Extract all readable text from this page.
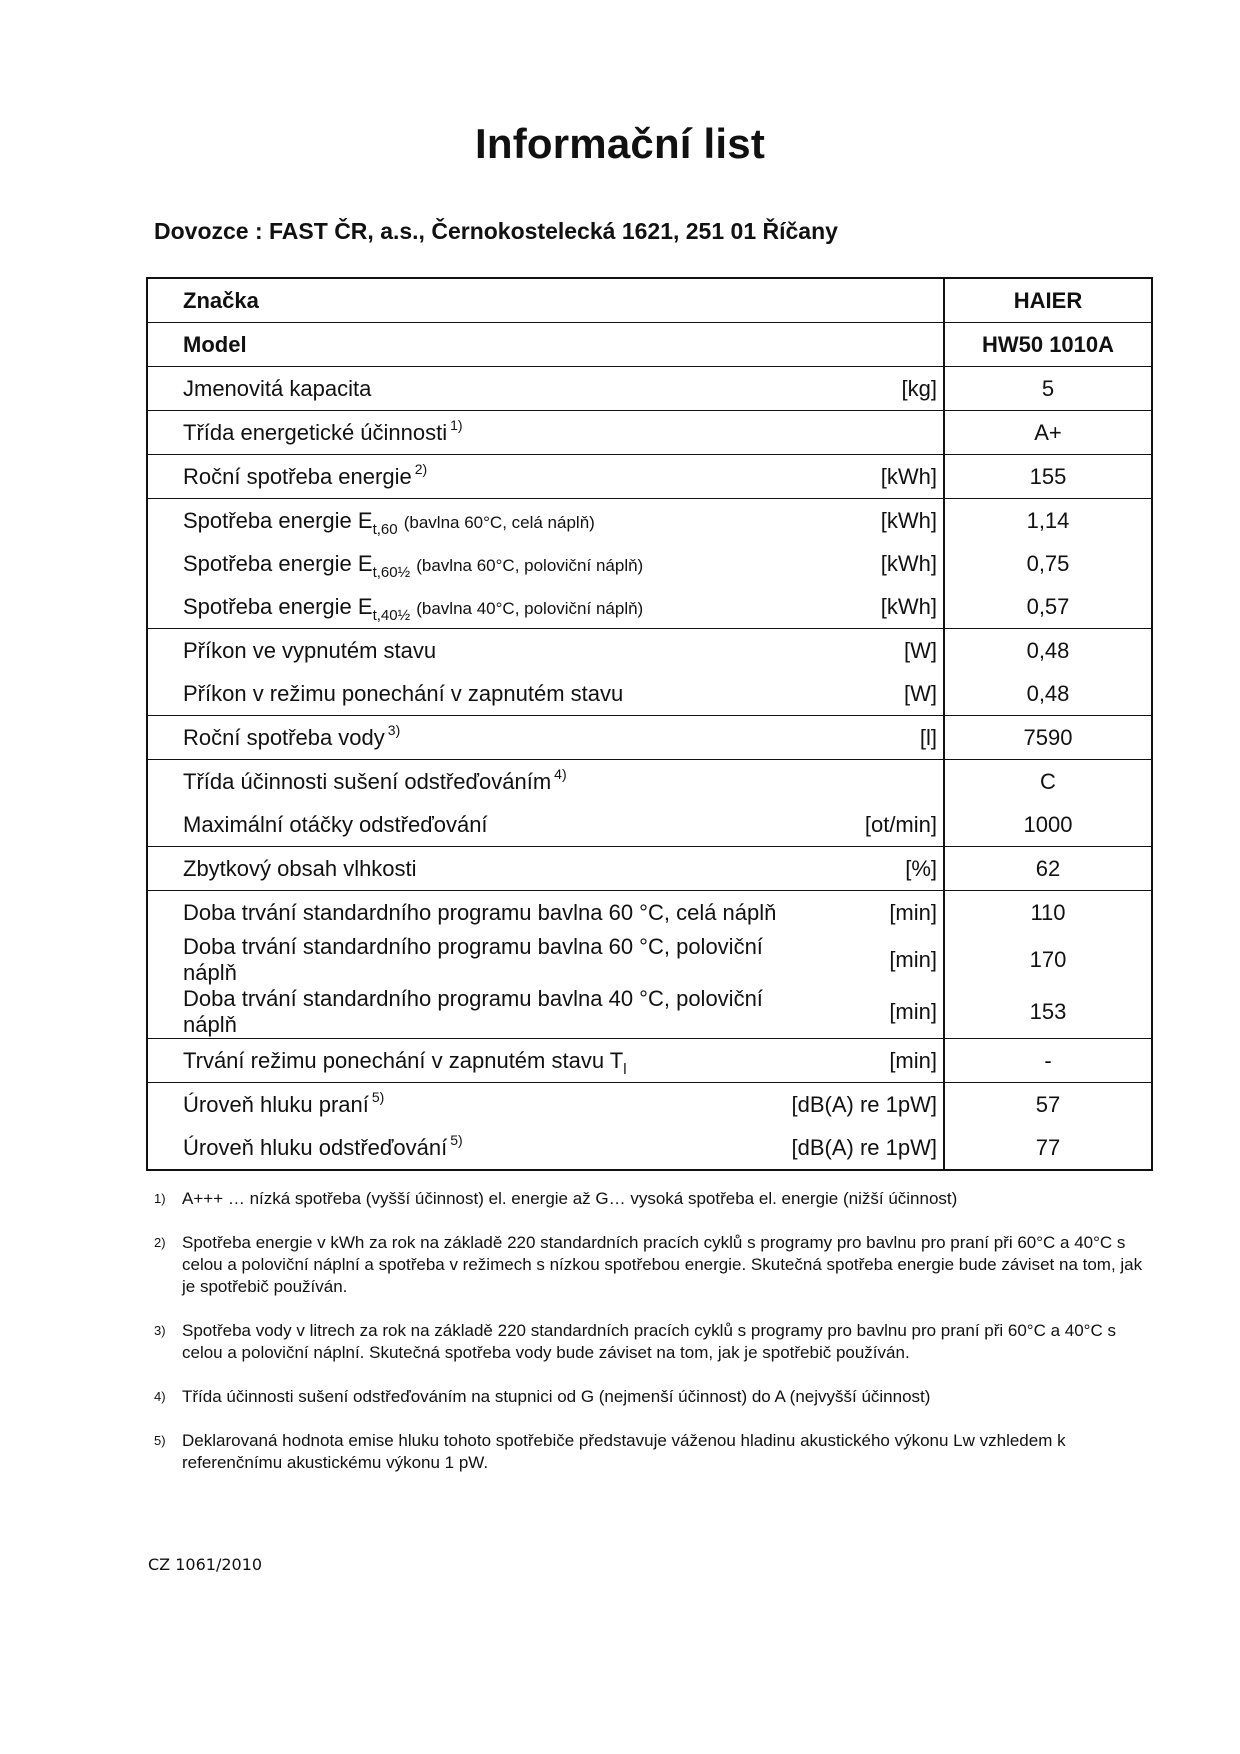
Informační list
Dovozce : FAST ČR, a.s., Černokostelecká 1621, 251 01 Říčany
Značka		HAIER
Model		HW50 1010A
Jmenovitá kapacita	[kg]	5
Třída energetické účinnosti $^{1)}$		A+
Roční spotřeba energie $^{2)}$	[kWh]	155
Spotřeba energie $E_{t,60}$ (bavlna 60°C, celá náplň)	[kWh]	1,14
Spotřeba energie $E_{t,60\frac{1}{2}}$ (bavlna 60°C, poloviční náplň)	[kWh]	0,75
Spotřeba energie $E_{t,40\frac{1}{2}}$ (bavlna 40°C, poloviční náplň)	[kWh]	0,57
Příkon ve vypnutém stavu	[W]	0,48
Příkon v režimu ponechání v zapnutém stavu	[W]	0,48
Roční spotřeba vody $^{3)}$	[l]	7590
Třída účinnosti sušení odstřeďováním $^{4)}$		C
Maximální otáčky odstřeďování	[ot/min]	1000
Zbytkový obsah vlhkosti	[%]	62
Doba trvání standardního programu bavlna 60 °C, celá náplň	[min]	110
Doba trvání standardního programu bavlna 60 °C, poloviční náplň	[min]	170
Doba trvání standardního programu bavlna 40 °C, poloviční náplň	[min]	153
Trvání režimu ponechání v zapnutém stavu $T_l$	[min]	-
Úroveň hluku praní $^{5)}$	[dB(A) re 1pW]	57
Úroveň hluku odstřeďování $^{5)}$	[dB(A) re 1pW]	77
1) A+++ … nízká spotřeba (vyšší účinnost) el. energie až G… vysoká spotřeba el. energie (nižší účinnost)
2) Spotřeba energie v kWh za rok na základě 220 standardních pracích cyklů s programy pro bavlnu pro praní při 60°C a 40°C s celou a poloviční náplní a spotřeba v režimech s nízkou spotřebou energie. Skutečná spotřeba energie bude záviset na tom, jak je spotřebič používán.
3) Spotřeba vody v litrech za rok na základě 220 standardních pracích cyklů s programy pro bavlnu pro praní při 60°C a 40°C s celou a poloviční náplní. Skutečná spotřeba vody bude záviset na tom, jak je spotřebič používán.
4) Třída účinnosti sušení odstřeďováním na stupnici od G (nejmenší účinnost) do A (nejvyšší účinnost)
5) Deklarovaná hodnota emise hluku tohoto spotřebiče představuje váženou hladinu akustického výkonu Lw vzhledem k referenčnímu akustickému výkonu 1 pW.
CZ 1061/2010
